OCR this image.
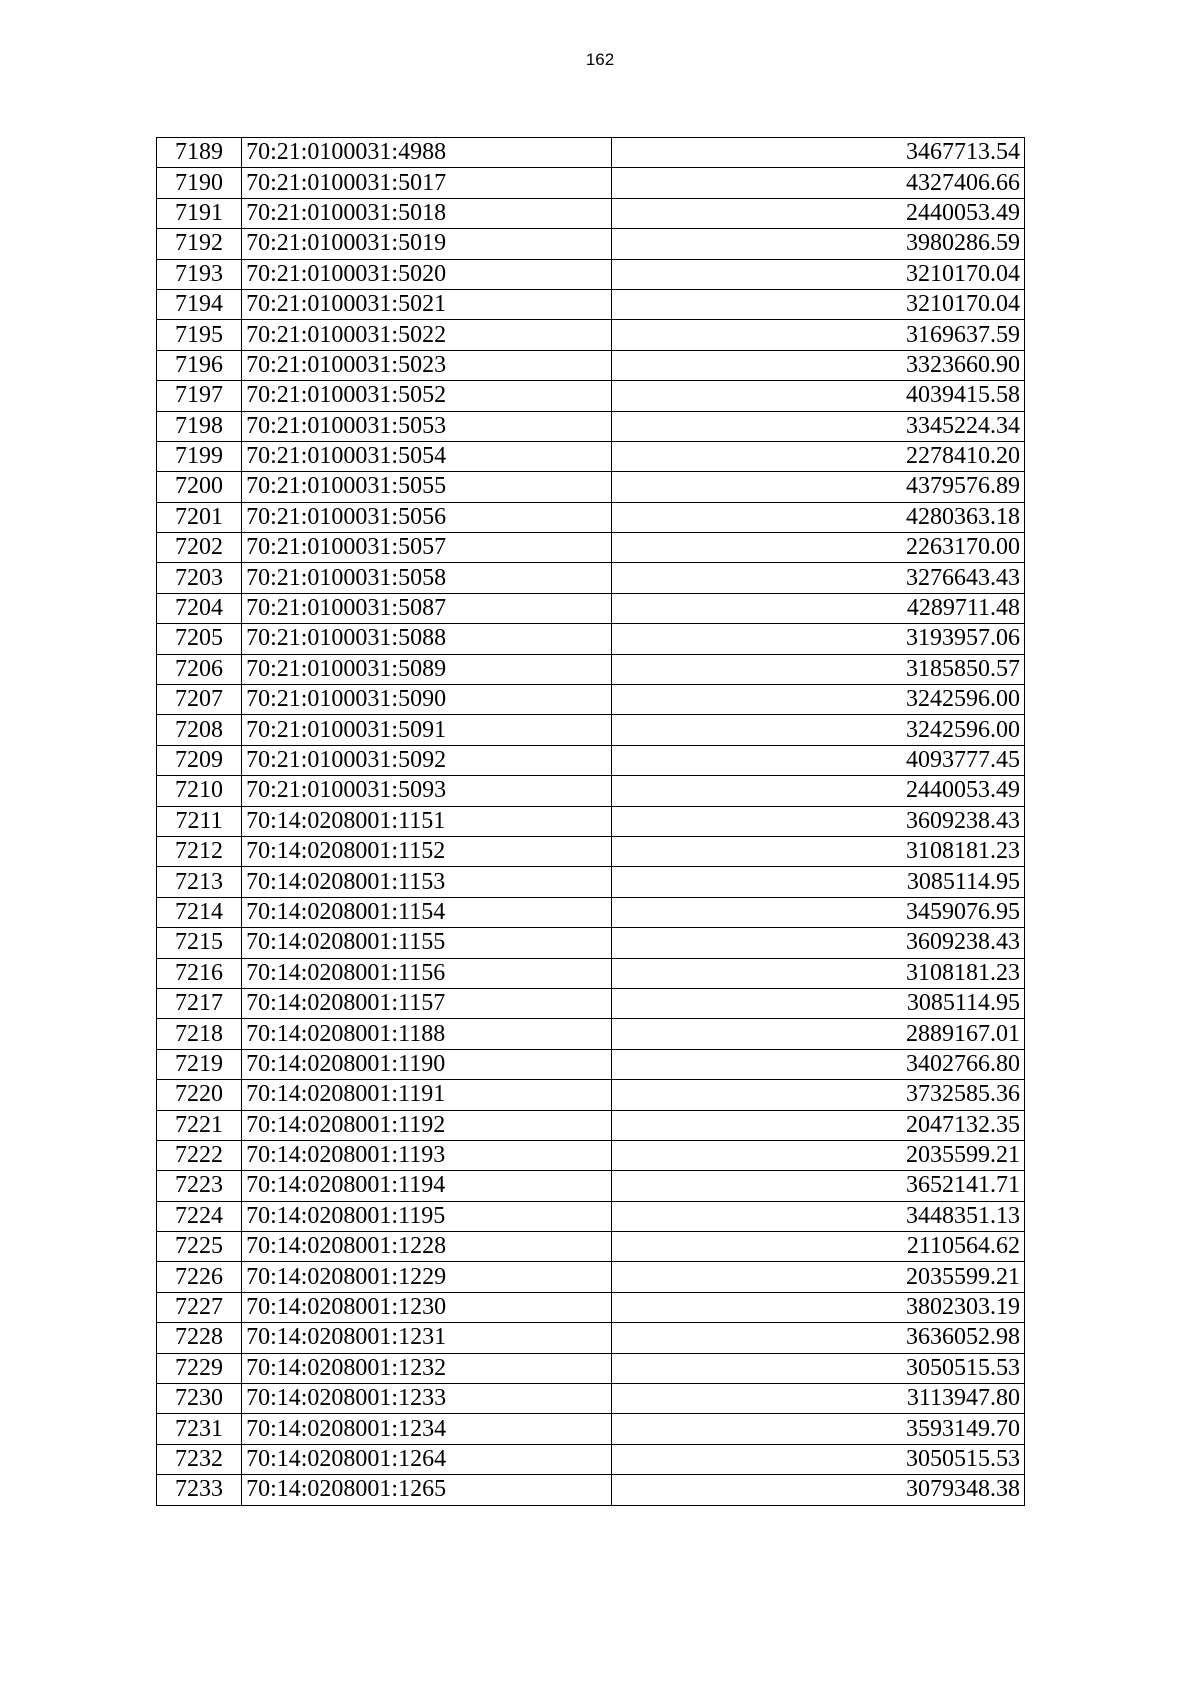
162
7189	70:21:0100031:4988	3467713.54
7190	70:21:0100031:5017	4327406.66
7191	70:21:0100031:5018	2440053.49
7192	70:21:0100031:5019	3980286.59
7193	70:21:0100031:5020	3210170.04
7194	70:21:0100031:5021	3210170.04
7195	70:21:0100031:5022	3169637.59
7196	70:21:0100031:5023	3323660.90
7197	70:21:0100031:5052	4039415.58
7198	70:21:0100031:5053	3345224.34
7199	70:21:0100031:5054	2278410.20
7200	70:21:0100031:5055	4379576.89
7201	70:21:0100031:5056	4280363.18
7202	70:21:0100031:5057	2263170.00
7203	70:21:0100031:5058	3276643.43
7204	70:21:0100031:5087	4289711.48
7205	70:21:0100031:5088	3193957.06
7206	70:21:0100031:5089	3185850.57
7207	70:21:0100031:5090	3242596.00
7208	70:21:0100031:5091	3242596.00
7209	70:21:0100031:5092	4093777.45
7210	70:21:0100031:5093	2440053.49
7211	70:14:0208001:1151	3609238.43
7212	70:14:0208001:1152	3108181.23
7213	70:14:0208001:1153	3085114.95
7214	70:14:0208001:1154	3459076.95
7215	70:14:0208001:1155	3609238.43
7216	70:14:0208001:1156	3108181.23
7217	70:14:0208001:1157	3085114.95
7218	70:14:0208001:1188	2889167.01
7219	70:14:0208001:1190	3402766.80
7220	70:14:0208001:1191	3732585.36
7221	70:14:0208001:1192	2047132.35
7222	70:14:0208001:1193	2035599.21
7223	70:14:0208001:1194	3652141.71
7224	70:14:0208001:1195	3448351.13
7225	70:14:0208001:1228	2110564.62
7226	70:14:0208001:1229	2035599.21
7227	70:14:0208001:1230	3802303.19
7228	70:14:0208001:1231	3636052.98
7229	70:14:0208001:1232	3050515.53
7230	70:14:0208001:1233	3113947.80
7231	70:14:0208001:1234	3593149.70
7232	70:14:0208001:1264	3050515.53
7233	70:14:0208001:1265	3079348.38
